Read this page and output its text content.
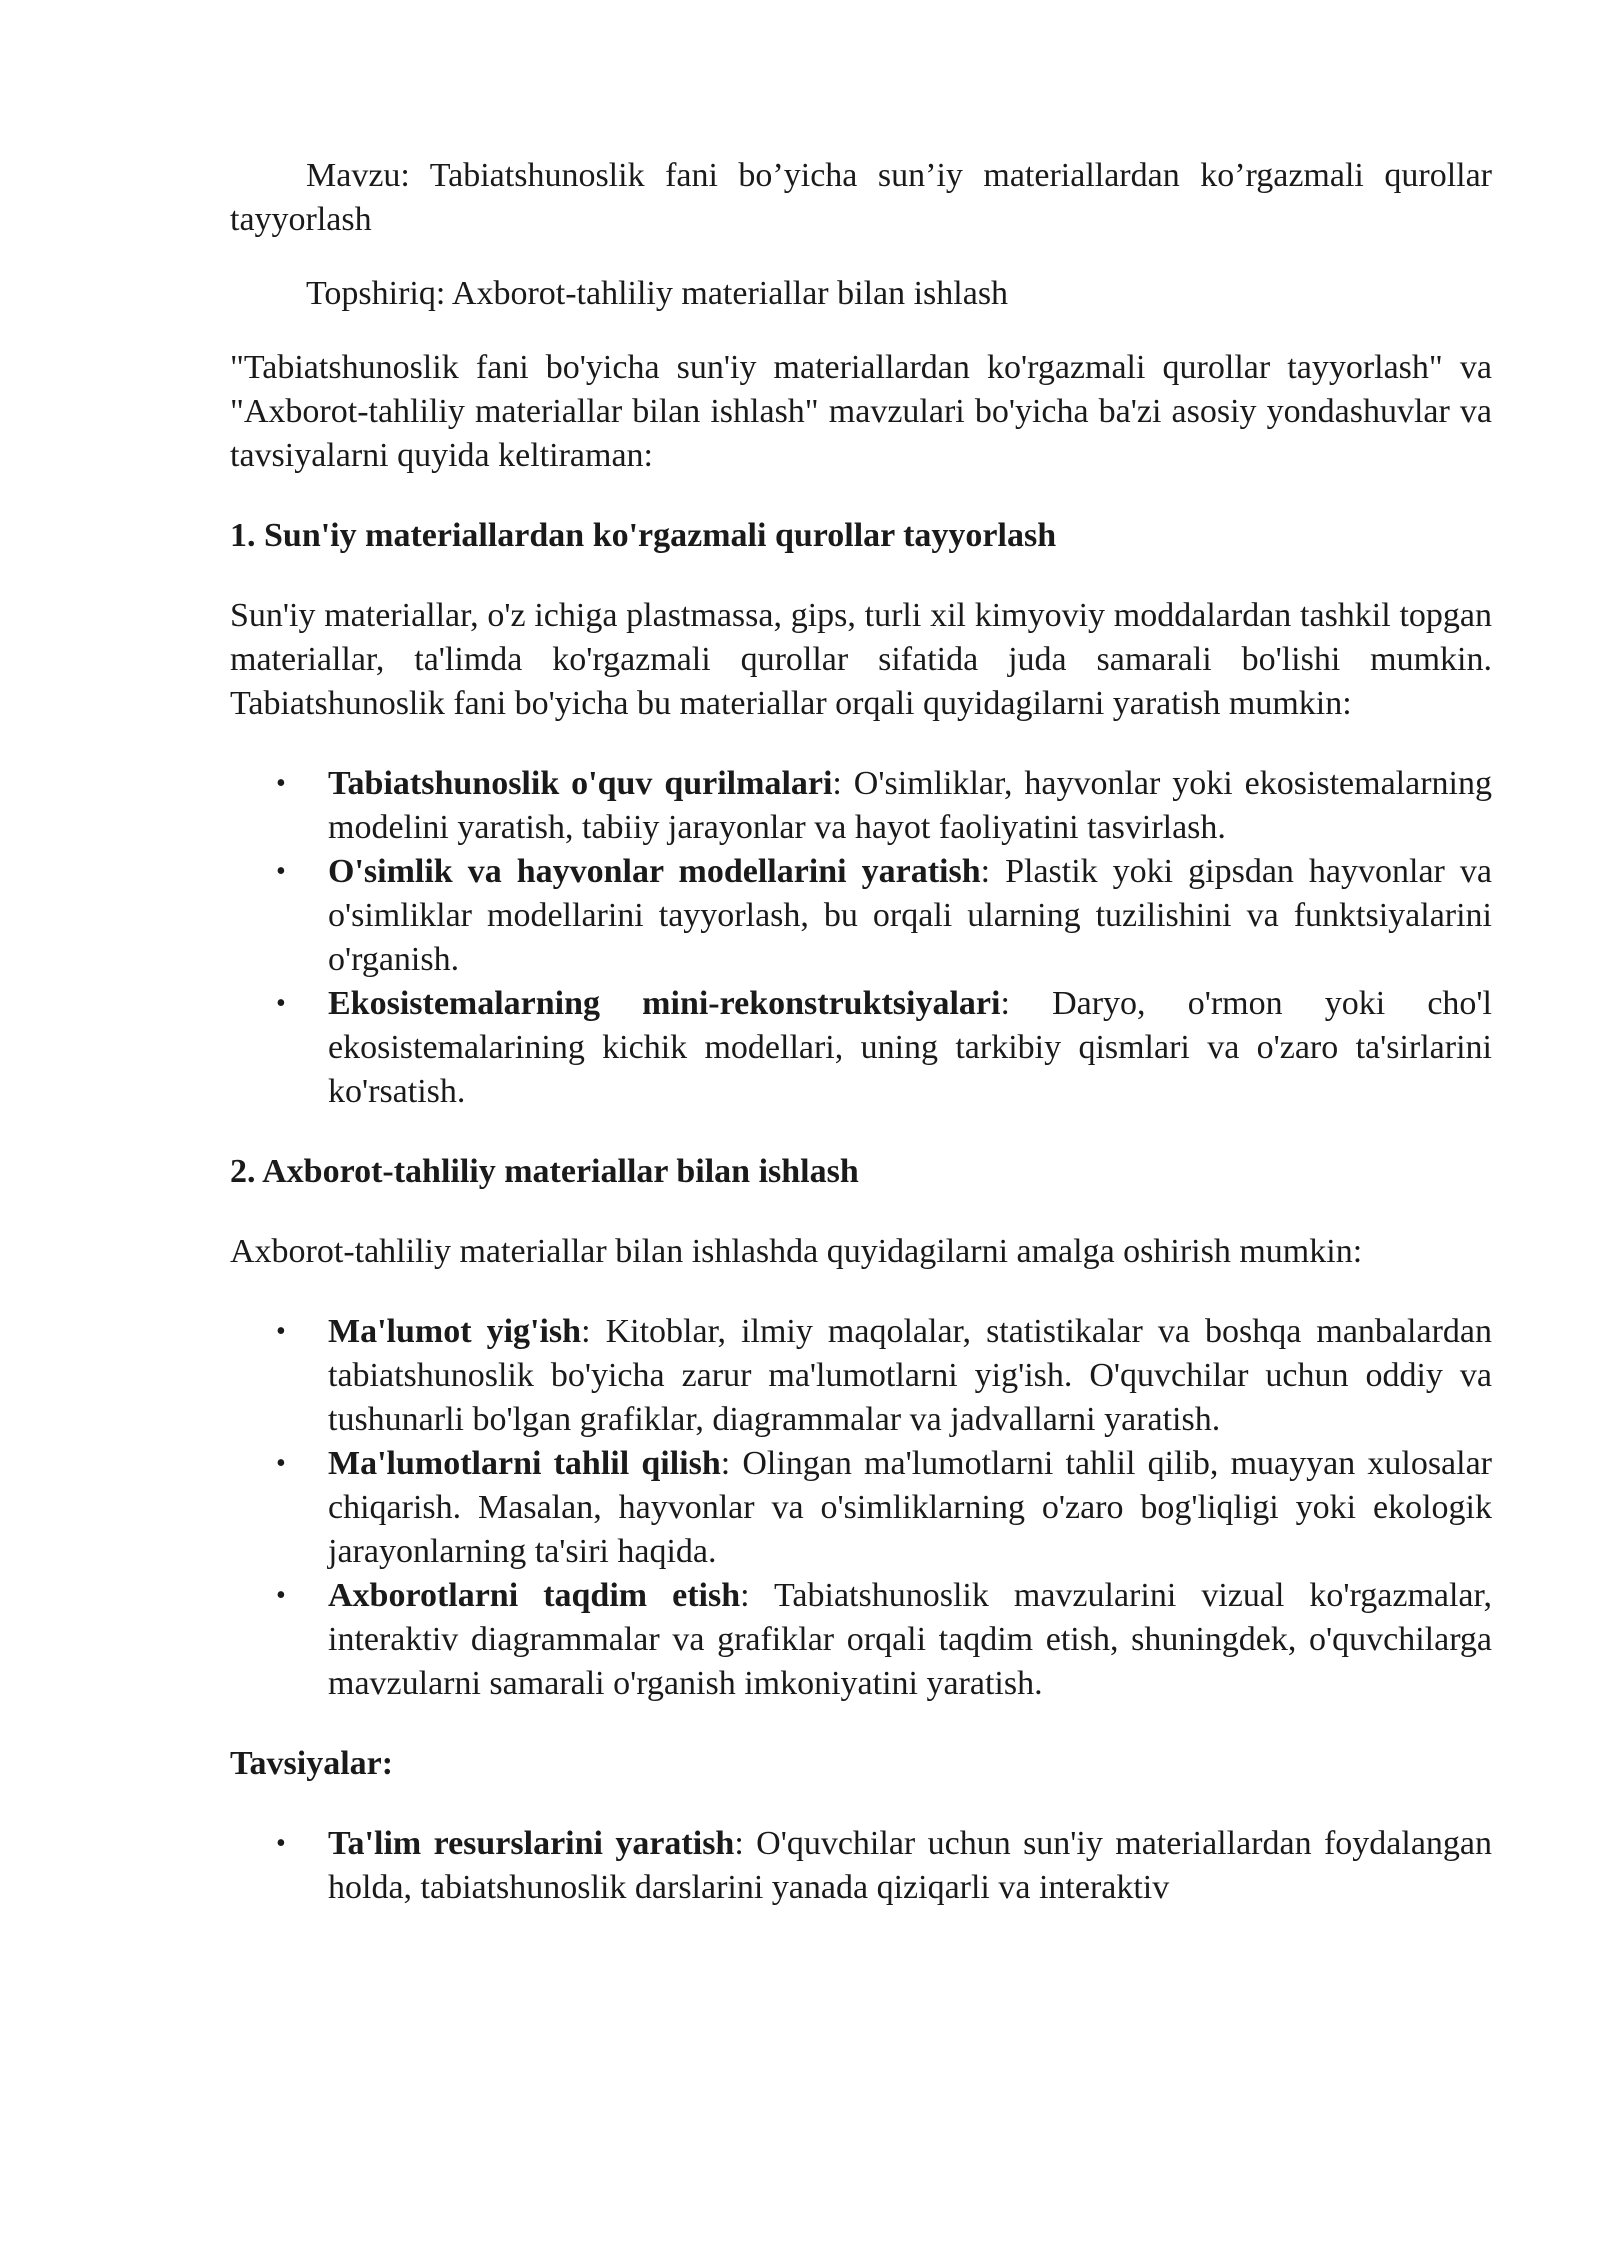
Mavzu: Tabiatshunoslik fani bo’yicha sun’iy materiallardan ko’rgazmali qurollar tayyorlash

Topshiriq: Axborot-tahliliy materiallar bilan ishlash

"Tabiatshunoslik fani bo'yicha sun'iy materiallardan ko'rgazmali qurollar tayyorlash" va "Axborot-tahliliy materiallar bilan ishlash" mavzulari bo'yicha ba'zi asosiy yondashuvlar va tavsiyalarni quyida keltiraman:

1. Sun'iy materiallardan ko'rgazmali qurollar tayyorlash

Sun'iy materiallar, o'z ichiga plastmassa, gips, turli xil kimyoviy moddalardan tashkil topgan materiallar, ta'limda ko'rgazmali qurollar sifatida juda samarali bo'lishi mumkin. Tabiatshunoslik fani bo'yicha bu materiallar orqali quyidagilarni yaratish mumkin:

• Tabiatshunoslik o'quv qurilmalari: O'simliklar, hayvonlar yoki ekosistemalarning modelini yaratish, tabiiy jarayonlar va hayot faoliyatini tasvirlash.
• O'simlik va hayvonlar modellarini yaratish: Plastik yoki gipsdan hayvonlar va o'simliklar modellarini tayyorlash, bu orqali ularning tuzilishini va funktsiyalarini o'rganish.
• Ekosistemalarning mini-rekonstruktsiyalari: Daryo, o'rmon yoki cho'l ekosistemalarining kichik modellari, uning tarkibiy qismlari va o'zaro ta'sirlarini ko'rsatish.
2. Axborot-tahliliy materiallar bilan ishlash

Axborot-tahliliy materiallar bilan ishlashda quyidagilarni amalga oshirish mumkin:

• Ma'lumot yig'ish: Kitoblar, ilmiy maqolalar, statistikalar va boshqa manbalardan tabiatshunoslik bo'yicha zarur ma'lumotlarni yig'ish. O'quvchilar uchun oddiy va tushunarli bo'lgan grafiklar, diagrammalar va jadvallarni yaratish.
• Ma'lumotlarni tahlil qilish: Olingan ma'lumotlarni tahlil qilib, muayyan xulosalar chiqarish. Masalan, hayvonlar va o'simliklarning o'zaro bog'liqligi yoki ekologik jarayonlarning ta'siri haqida.
• Axborotlarni taqdim etish: Tabiatshunoslik mavzularini vizual ko'rgazmalar, interaktiv diagrammalar va grafiklar orqali taqdim etish, shuningdek, o'quvchilarga mavzularni samarali o'rganish imkoniyatini yaratish.
Tavsiyalar:
• Ta'lim resurslarini yaratish: O'quvchilar uchun sun'iy materiallardan foydalangan holda, tabiatshunoslik darslarini yanada qiziqarli va interaktiv
